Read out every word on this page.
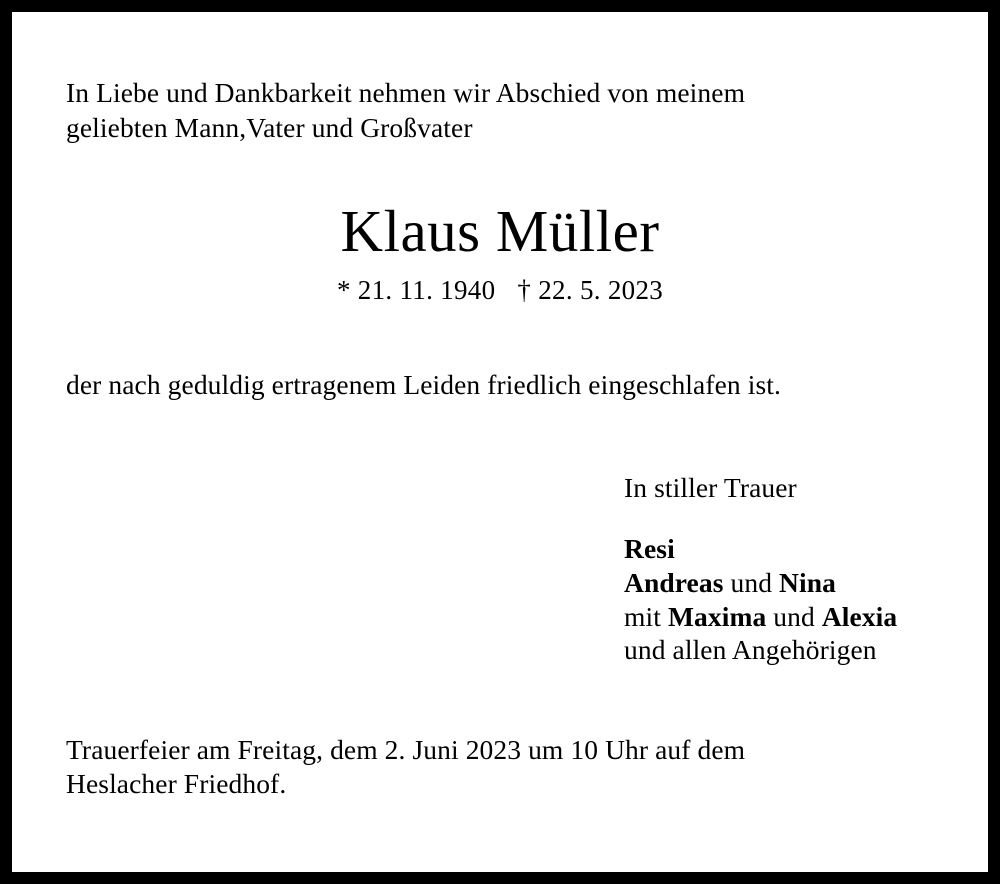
In Liebe und Dankbarkeit nehmen wir Abschied von meinem
geliebten Mann,Vater und Großvater
Klaus Müller
* 21. 11. 1940 † 22. 5. 2023
der nach geduldig ertragenem Leiden friedlich eingeschlafen ist.
In stiller Trauer
Resi
Andreas und Nina
mit Maxima und Alexia
und allen Angehörigen
Trauerfeier am Freitag, dem 2. Juni 2023 um 10 Uhr auf dem
Heslacher Friedhof.
